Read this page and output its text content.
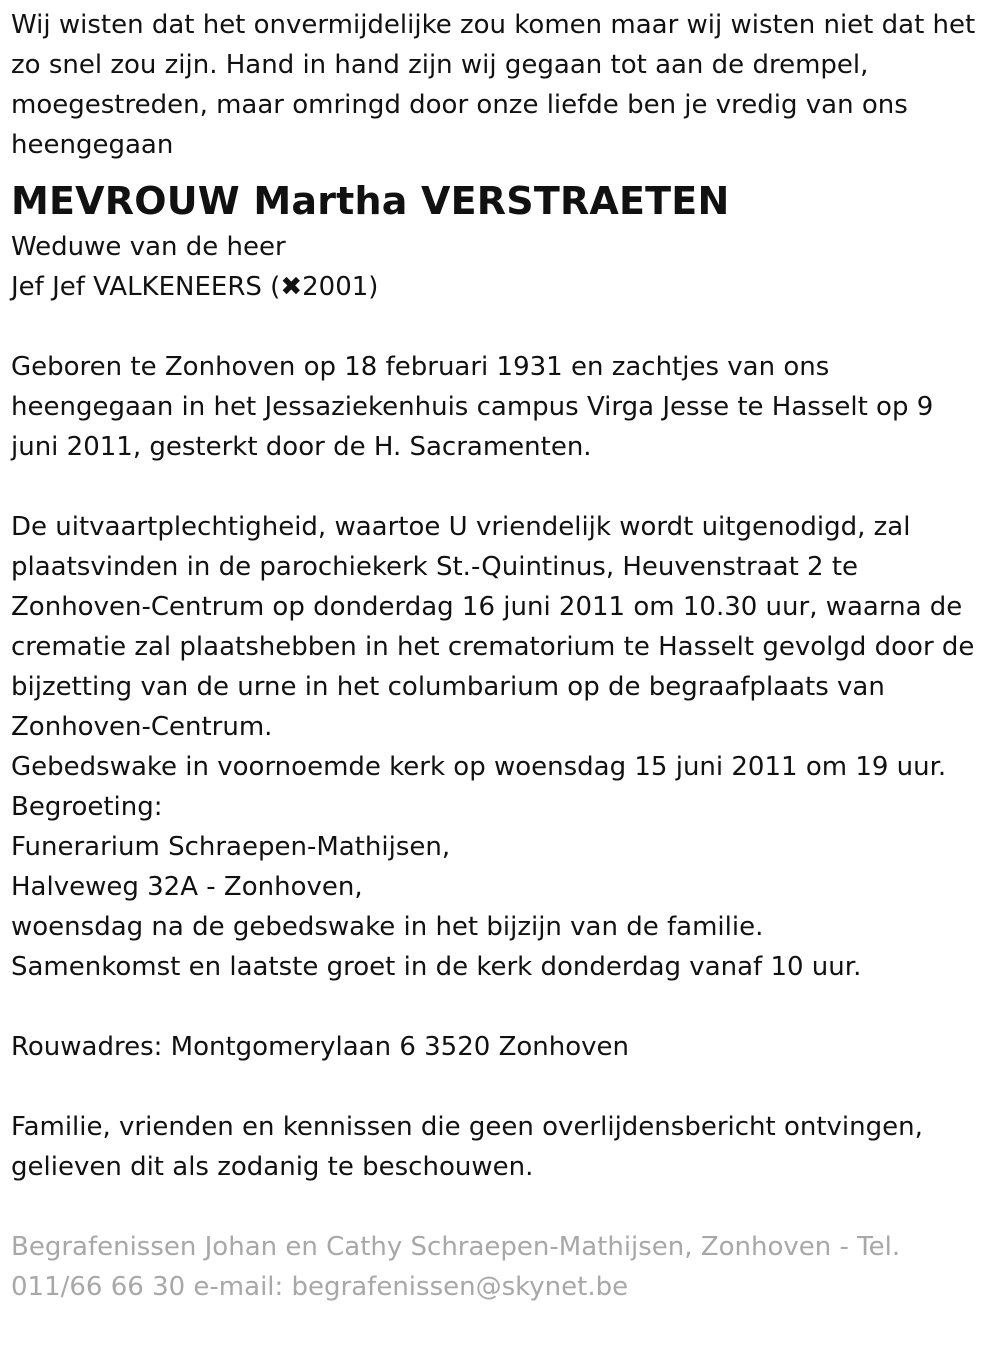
Wij wisten dat het onvermijdelijke zou komen maar wij wisten niet dat het zo snel zou zijn. Hand in hand zijn wij gegaan tot aan de drempel, moegestreden, maar omringd door onze liefde ben je vredig van ons heengegaan

MEVROUW Martha VERSTRAETEN

Weduwe van de heer

Jef Jef VALKENEERS (✖2001)

Geboren te Zonhoven op 18 februari 1931 en zachtjes van ons heengegaan in het Jessaziekenhuis campus Virga Jesse te Hasselt op 9 juni 2011, gesterkt door de H. Sacramenten.

De uitvaartplechtigheid, waartoe U vriendelijk wordt uitgenodigd, zal plaatsvinden in de parochiekerk St.-Quintinus, Heuvenstraat 2 te Zonhoven-Centrum op donderdag 16 juni 2011 om 10.30 uur, waarna de crematie zal plaatshebben in het crematorium te Hasselt gevolgd door de bijzetting van de urne in het columbarium op de begraafplaats van Zonhoven-Centrum.

Gebedswake in voornoemde kerk op woensdag 15 juni 2011 om 19 uur.

Begroeting:

Funerarium Schraepen-Mathijsen,

Halveweg 32A - Zonhoven,

woensdag na de gebedswake in het bijzijn van de familie.

Samenkomst en laatste groet in de kerk donderdag vanaf 10 uur.

Rouwadres: Montgomerylaan 6 3520 Zonhoven

Familie, vrienden en kennissen die geen overlijdensbericht ontvingen, gelieven dit als zodanig te beschouwen.

Begrafenissen Johan en Cathy Schraepen-Mathijsen, Zonhoven - Tel. 011/66 66 30 e-mail: begrafenissen@skynet.be
